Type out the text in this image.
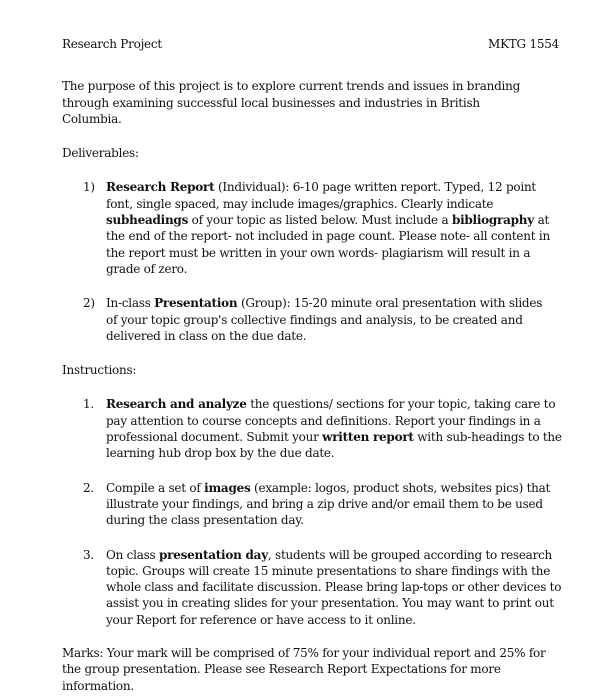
Research Project	MKTG 1554
The purpose of this project is to explore current trends and issues in branding through examining successful local businesses and industries in British Columbia.
Deliverables:
1) Research Report (Individual): 6-10 page written report. Typed, 12 point font, single spaced, may include images/graphics. Clearly indicate subheadings of your topic as listed below. Must include a bibliography at the end of the report- not included in page count. Please note- all content in the report must be written in your own words- plagiarism will result in a grade of zero.
2) In-class Presentation (Group): 15-20 minute oral presentation with slides of your topic group's collective findings and analysis, to be created and delivered in class on the due date.
Instructions:
1.	Research and analyze the questions/ sections for your topic, taking care to pay attention to course concepts and definitions. Report your findings in a professional document. Submit your written report with sub-headings to the learning hub drop box by the due date.
2.	Compile a set of images (example: logos, product shots, websites pics) that illustrate your findings, and bring a zip drive and/or email them to be used during the class presentation day.
3.	On class presentation day, students will be grouped according to research topic. Groups will create 15 minute presentations to share findings with the whole class and facilitate discussion. Please bring lap-tops or other devices to assist you in creating slides for your presentation. You may want to print out your Report for reference or have access to it online.
Marks: Your mark will be comprised of 75% for your individual report and 25% for the group presentation. Please see Research Report Expectations for more information.
